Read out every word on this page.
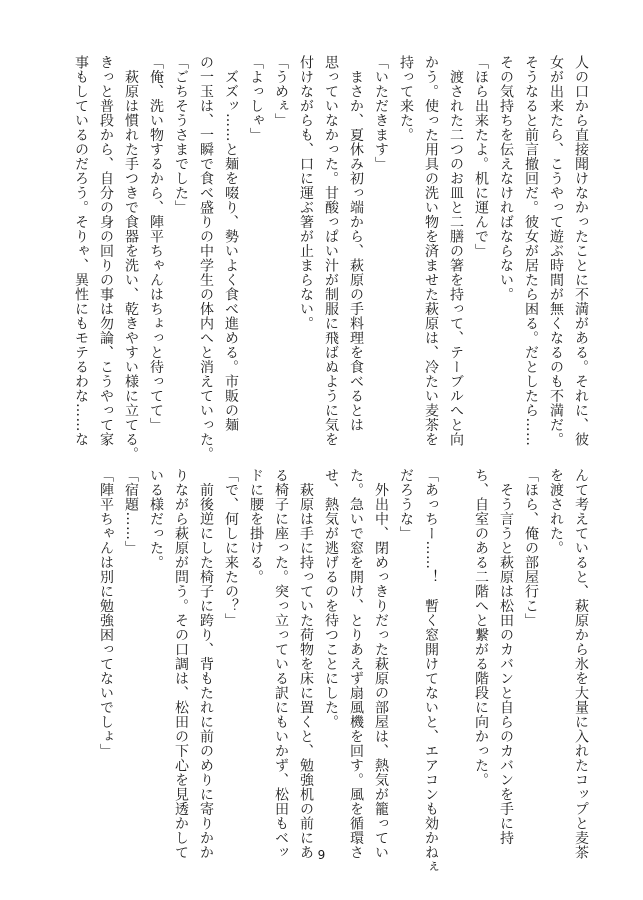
人の口から直接聞けなかったことに不満がある。それに、彼

女が出来たら、こうやって遊ぶ時間が無くなるのも不満だ。

そうなると前言撤回だ。彼女が居たら困る。だとしたら……

その気持ちを伝えなければならない。

「ほら出来たよ。机に運んで」

　渡された二つのお皿と二膳の箸を持って、テーブルへと向

かう。使った用具の洗い物を済ませた萩原は、冷たい麦茶を

持って来た。

「いただきます」

　まさか、夏休み初っ端から、萩原の手料理を食べるとは

思っていなかった。甘酸っぱい汁が制服に飛ばぬように気を

付けながらも、口に運ぶ箸が止まらない。

「うめぇ」

「よっしゃ」

　ズズッ……と麺を啜り、勢いよく食べ進める。市販の麺

の一玉は、一瞬で食べ盛りの中学生の体内へと消えていった。

「ごちそうさまでした」

「俺、洗い物するから、陣平ちゃんはちょっと待ってて」

　萩原は慣れた手つきで食器を洗い、乾きやすい様に立てる。

きっと普段から、自分の身の回りの事は勿論、こうやって家

事もしているのだろう。そりゃ、異性にもモテるわな……な

んて考えていると、萩原から氷を大量に入れたコップと麦茶

を渡された。

「ほら、俺の部屋行こ」

　そう言うと萩原は松田のカバンと自らのカバンを手に持

ち、自室のある二階へと繋がる階段に向かった。

「あっちー……！　暫く窓開けてないと、エアコンも効かねぇ

だろうな」

　外出中、閉めっきりだった萩原の部屋は、熱気が籠ってい

た。急いで窓を開け、とりあえず扇風機を回す。風を循環さ

せ、熱気が逃げるのを待つことにした。

　萩原は手に持っていた荷物を床に置くと、勉強机の前にあ

る椅子に座った。突っ立っている訳にもいかず、松田もベッ

ドに腰を掛ける。

「で、何しに来たの？」

　前後逆にした椅子に跨り、背もたれに前のめりに寄りかか

りながら萩原が問う。その口調は、松田の下心を見透かして

いる様だった。

「宿題……」

「陣平ちゃんは別に勉強困ってないでしょ」

9
